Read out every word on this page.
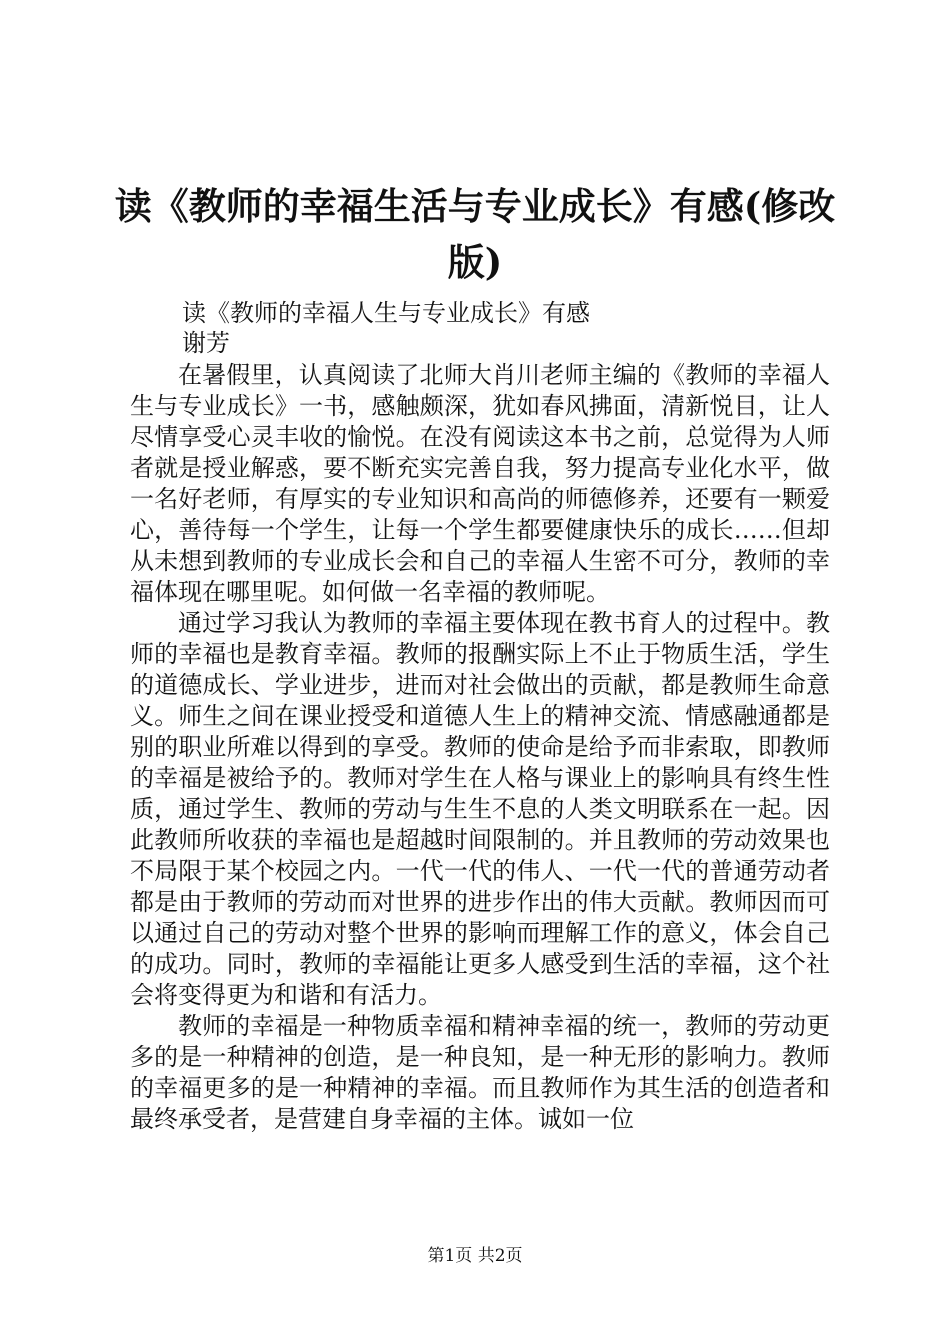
读《教师的幸福生活与专业成长》有感(修改版)

读《教师的幸福人生与专业成长》有感

谢芳

在暑假里，认真阅读了北师大肖川老师主编的《教师的幸福人生与专业成长》一书，感触颇深，犹如春风拂面，清新悦目，让人尽情享受心灵丰收的愉悦。在没有阅读这本书之前，总觉得为人师者就是授业解惑，要不断充实完善自我，努力提高专业化水平，做一名好老师，有厚实的专业知识和高尚的师德修养，还要有一颗爱心，善待每一个学生，让每一个学生都要健康快乐的成长……但却从未想到教师的专业成长会和自己的幸福人生密不可分，教师的幸福体现在哪里呢。如何做一名幸福的教师呢。

通过学习我认为教师的幸福主要体现在教书育人的过程中。教师的幸福也是教育幸福。教师的报酬实际上不止于物质生活，学生的道德成长、学业进步，进而对社会做出的贡献，都是教师生命意义。师生之间在课业授受和道德人生上的精神交流、情感融通都是别的职业所难以得到的享受。教师的使命是给予而非索取，即教师的幸福是被给予的。教师对学生在人格与课业上的影响具有终生性质，通过学生、教师的劳动与生生不息的人类文明联系在一起。因此教师所收获的幸福也是超越时间限制的。并且教师的劳动效果也不局限于某个校园之内。一代一代的伟人、一代一代的普通劳动者都是由于教师的劳动而对世界的进步作出的伟大贡献。教师因而可以通过自己的劳动对整个世界的影响而理解工作的意义，体会自己的成功。同时，教师的幸福能让更多人感受到生活的幸福，这个社会将变得更为和谐和有活力。

教师的幸福是一种物质幸福和精神幸福的统一，教师的劳动更多的是一种精神的创造，是一种良知，是一种无形的影响力。教师的幸福更多的是一种精神的幸福。而且教师作为其生活的创造者和最终承受者，是营建自身幸福的主体。诚如一位

第1页 共2页
